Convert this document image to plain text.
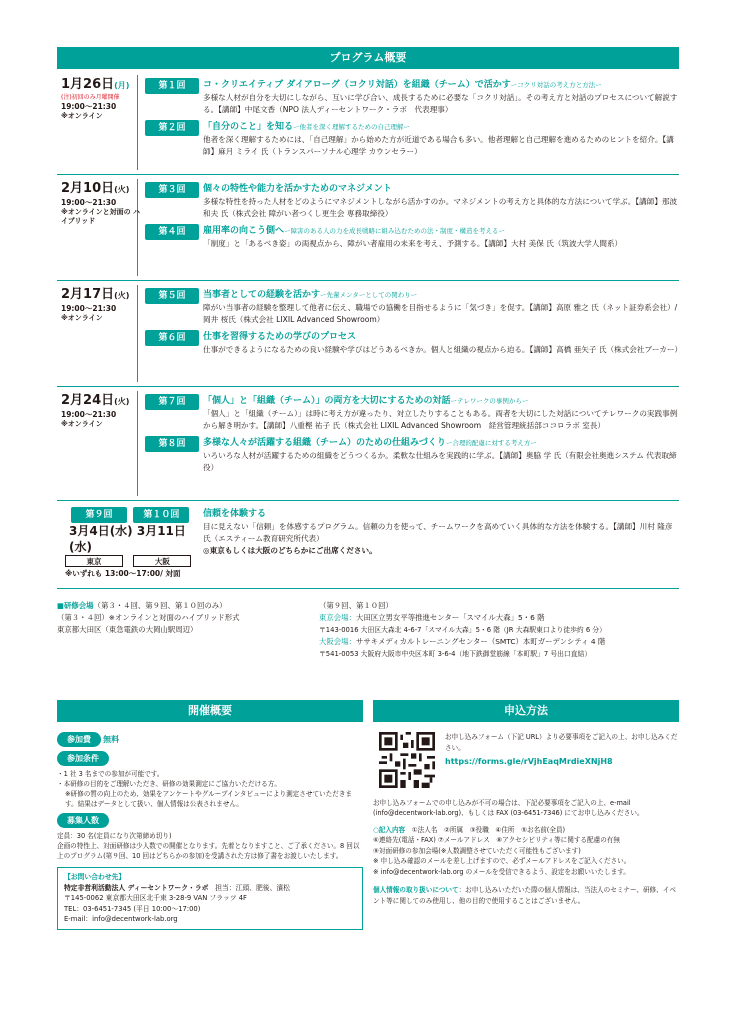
プログラム概要
1月26日(月)
(注)初回のみ月曜開催
19:00～21:30
※オンライン
第１回	コ・クリエイティブ ダイアローグ（コクリ対話）を組織（チーム）で活かすーコクリ対話の考え方と方法ー
多様な人材が自分を大切にしながら、互いに学び合い、成長するために必要な「コクリ対話」。その考え方と対話のプロセスについて解説する。【講師】中尾文香（NPO 法人ディーセントワーク・ラボ　代表理事）
第２回	「自分のこと」を知るー他者を深く理解するための自己理解ー
他者を深く理解するためには、「自己理解」から始めた方が近道である場合も多い。他者理解と自己理解を進めるためのヒントを紹介。【講師】麻月 ミライ 氏（トランスパーソナル心理学 カウンセラー）
2月10日(火)
19:00～21:30
※オンラインと対面の ハイブリッド
第３回	個々の特性や能力を活かすためのマネジメント
多様な特性を持った人材をどのようにマネジメントしながら活かすのか。マネジメントの考え方と具体的な方法について学ぶ。【講師】那波 和夫 氏（株式会社 障がい者つくし更生会 専務取締役）
第４回	雇用率の向こう側へー障害のある人の力を成長戦略に組み込むための法・制度・構造を考えるー
「制度」と「あるべき姿」の両視点から、障がい者雇用の未来を考え、予測する。【講師】大村 美保 氏（筑波大学人間系）
2月17日(火)
19:00～21:30
※オンライン
第５回	当事者としての経験を活かすー先輩メンターとしての関わりー
障がい当事者の経験を整理して他者に伝え、職場での協働を目指せるように「気づき」を促す。【講師】高原 雅之 氏（ネット証券系会社）/ 岡井 桜氏（株式会社 LIXIL Advanced Showroom）
第６回	仕事を習得するための学びのプロセス
仕事ができるようになるための良い経験や学びはどうあるべきか。個人と組織の視点から迫る。【講師】高橋 亜矢子 氏（株式会社ブーカー）
2月24日(火)
19:00～21:30
※オンライン
第７回	「個人」と「組織（チーム）」の両方を大切にするための対話ーテレワークの事例からー
「個人」と「組織（チーム）」は時に考え方が違ったり、対立したりすることもある。両者を大切にした対話についてテレワークの実践事例から解き明かす。【講師】八重樫 祐子 氏（株式会社 LIXIL Advanced Showroom　経営管理統括部ココロラボ 室長）
第８回	多様な人々が活躍する組織（チーム）のための仕組みづくりー合理的配慮に対する考え方ー
いろいろな人材が活躍するための組織をどうつくるか。柔軟な仕組みを実践的に学ぶ。【講師】奥脇 学 氏（有限会社奥進システム 代表取締役）
第９回	第１０回
3月4日(水) 3月11日(水)
東京	大阪
※いずれも 13:00～17:00/ 対面
信頼を体験する
目に見えない「信頼」を体感するプログラム。信頼の力を使って、チームワークを高めていく具体的な方法を体験する。【講師】川村 隆彦 氏（エスティーム教育研究所代表）
◎東京もしくは大阪のどちらかにご出席ください。
■研修会場（第３・４回、第９回、第１０回のみ）
（第３・４回）※オンラインと対面のハイブリッド形式
東京都大田区（東急電鉄の大岡山駅周辺）
（第９回、第１０回）
東京会場：大田区立男女平等推進センター「スマイル大森」5・6 階
〒143-0016 大田区大森北 4-6-7「スマイル大森」5・6 階（JR 大森駅東口より徒歩約 6 分）
大阪会場：ササキメディカルトレーニングセンター（SMTC）本町ガーデンシティ 4 階
〒541-0053 大阪府大阪市中央区本町 3-6-4（地下鉄御堂筋線「本町駅」7 号出口直結）
開催概要	申込方法
参加費 無料
参加条件
・1 社 3 名までの参加が可能です。
・本研修の目的をご理解いただき、研修の効果測定にご協力いただける方。
※研修の質の向上のため、効果をアンケートやグループインタビューにより測定させていただきます。結果はデータとして扱い、個人情報は公表されません。
募集人数
定員：30 名(定員になり次第締め切り)
企画の特性上、対面研修は少人数での開催となります。先着となりますこと、ご了承ください。8 回以上のプログラム(第９回、10 回はどちらかの参加)を受講された方は修了書をお渡しいたします。
【お問い合わせ先】
特定非営利活動法人 ディーセントワーク・ラボ　 担当：江頭、肥後、濱松
〒145-0062 東京都大田区北千束 3-28-9 VAN フラッツ 4F
TEL：03-6451-7345 (平日 10:00～17:00)
E-mail：info@decentwork-lab.org
お申し込みフォーム（下記 URL）より必要事項をご記入の上、お申し込みください。
https://forms.gle/rVjhEaqMrdieXNjH8
お申し込みフォームでの申し込みが不可の場合は、下記必要事項をご記入の上、e-mail (info@decentwork-lab.org)、もしくは FAX (03-6451-7346) にてお申し込みください。
○記入内容　 ①法人名　②所属　③役職　④住所　⑤お名前(全員)
⑥連絡先(電話・FAX) ⑦メールアドレス　⑧アクセシビリティ等に関する配慮の有無
⑨対面研修の参加会場(※人数調整させていただく可能性もございます)
※ 申し込み確認のメールを差し上げますので、必ずメールアドレスをご記入ください。
※ info@decentwork-lab.org のメールを受信できるよう、設定をお願いいたします。
個人情報の取り扱いについて：お申し込みいただいた際の個人情報は、当法人のセミナー、研修、イベント等に関してのみ使用し、他の目的で使用することはございません。
